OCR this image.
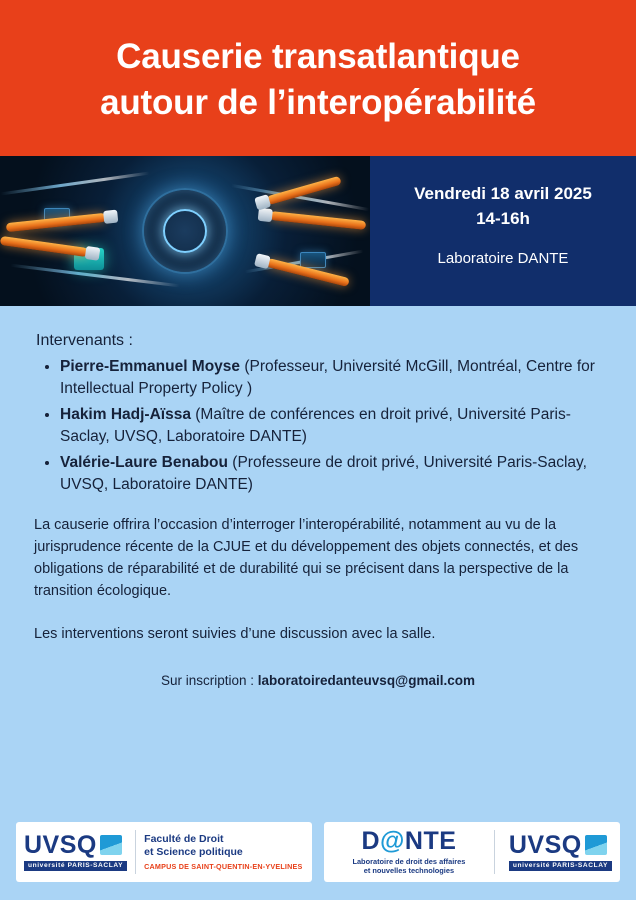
Causerie transatlantique
autour de l’interopérabilité

Vendredi 18 avril 2025
14-16h

Laboratoire DANTE

Intervenants :
• Pierre-Emmanuel Moyse (Professeur, Université McGill, Montréal, Centre for Intellectual Property Policy )
• Hakim Hadj-Aïssa (Maître de conférences en droit privé, Université Paris-Saclay, UVSQ, Laboratoire DANTE)
• Valérie-Laure Benabou (Professeure de droit privé, Université Paris-Saclay, UVSQ, Laboratoire DANTE)

La causerie offrira l’occasion d’interroger l’interopérabilité, notamment au vu de la jurisprudence récente de la CJUE et du développement des objets connectés, et des obligations de réparabilité et de durabilité qui se précisent dans la perspective de la transition écologique.

Les interventions seront suivies d’une discussion avec la salle.

Sur inscription : laboratoiredanteuvsq@gmail.com
UVSQ
université PARIS-SACLAY
Faculté de Droit
et Science politique
CAMPUS DE SAINT-QUENTIN-EN-YVELINES
D@NTE
Laboratoire de droit des affaires
et nouvelles technologies
UVSQ
université PARIS-SACLAY
